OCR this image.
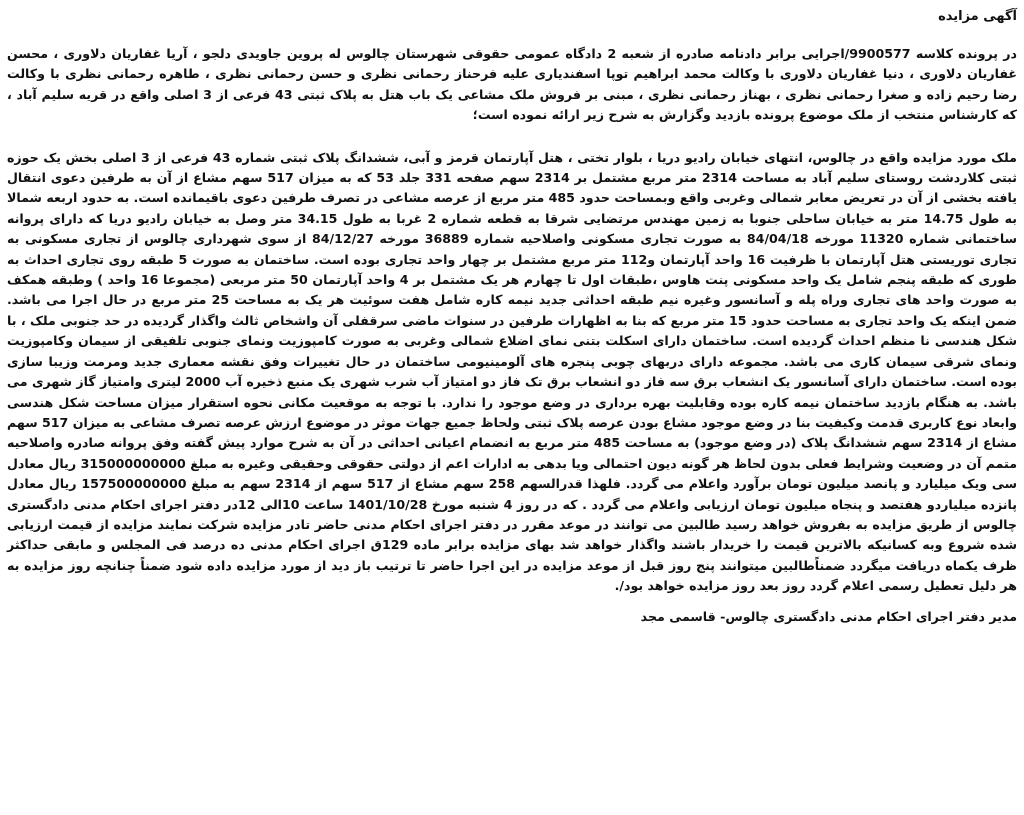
آگهی مزایده

در پرونده کلاسه 9900577/اجرایی برابر دادنامه صادره از شعبه 2 دادگاه عمومی حقوقی شهرستان چالوس له پروین جاویدی دلجو ، آریا غفاریان دلاوری ، محسن غفاریان دلاوری ، دنیا غفاریان دلاوری با وکالت محمد ابراهیم توپا اسفندیاری علیه فرحناز رحمانی نظری و حسن رحمانی نظری ، طاهره رحمانی نظری با وکالت رضا رحیم زاده و صغرا رحمانی نظری ، بهناز رحمانی نظری ، مبنی بر فروش ملک مشاعی یک باب هتل به پلاک ثبتی 43 فرعی از 3 اصلی واقع در قریه سلیم آباد ، که کارشناس منتخب از ملک موضوع پرونده بازدید وگزارش به شرح زیر ارائه نموده است؛

ملک مورد مزایده واقع در چالوس، انتهای خیابان رادیو دریا ، بلوار تختی ، هتل آپارتمان قرمز و آبی، ششدانگ پلاک ثبتی شماره 43 فرعی از 3 اصلی بخش یک حوزه ثبتی کلاردشت روستای سلیم آباد به مساحت 2314 متر مربع مشتمل بر 2314 سهم صفحه 331 جلد 53 که به میزان 517 سهم مشاع از آن به طرفین دعوی انتقال یافته بخشی از آن در تعریض معابر شمالی وغربی واقع وبمساحت حدود 485 متر مربع از عرصه مشاعی در تصرف طرفین دعوی باقیمانده است. به حدود اربعه شمالا به طول 14.75 متر به خیابان ساحلی جنوبا به زمین مهندس مرتضایی شرقا به قطعه شماره 2 غربا به طول 34.15 متر وصل به خیابان رادیو دریا که دارای پروانه ساختمانی شماره 11320 مورخه 84/04/18 به صورت تجاری مسکونی واصلاحیه شماره 36889 مورخه 84/12/27 از سوی شهرداری چالوس از تجاری مسکونی به تجاری توریستی هتل آپارتمان با ظرفیت 16 واحد آپارتمان و112 متر مربع مشتمل بر چهار واحد تجاری بوده است. ساختمان به صورت 5 طبقه روی تجاری احداث به طوری که طبقه پنجم شامل یک واحد مسکونی پنت هاوس ،طبقات اول تا چهارم هر یک مشتمل بر 4 واحد آپارتمان 50 متر مربعی (مجموعا 16 واحد ) وطبقه همکف به صورت واحد های تجاری وراه پله و آسانسور وغیره نیم طبقه احداثی جدید نیمه کاره شامل هفت سوئیت هر یک به مساحت 25 متر مربع در حال اجرا می باشد. ضمن اینکه یک واحد تجاری به مساحت حدود 15 متر مربع که بنا به اظهارات طرفین در سنوات ماضی سرقفلی آن واشخاص ثالث واگذار گردیده در حد جنوبی ملک ، با شکل هندسی نا منظم احداث گردیده است. ساختمان دارای اسکلت بتنی نمای اضلاع شمالی وغربی به صورت کامپوزیت ونمای جنوبی تلفیقی از سیمان وکامپوزیت ونمای شرقی سیمان کاری می باشد. مجموعه دارای دربهای چوبی پنجره های آلومینیومی ساختمان در حال تغییرات وفق نقشه معماری جدید ومرمت وزیبا سازی بوده است. ساختمان دارای آسانسور یک انشعاب برق سه فاز دو انشعاب برق تک فاز دو امتیاز آب شرب شهری یک منبع ذخیره آب 2000 لیتری وامتیاز گاز شهری می باشد. به هنگام بازدید ساختمان نیمه کاره بوده وقابلیت بهره برداری در وضع موجود را ندارد. با توجه به موقعیت مکانی نحوه استقرار میزان مساحت شکل هندسی وابعاد نوع کاربری قدمت وکیفیت بنا در وضع موجود مشاع بودن عرصه پلاک ثبتی ولحاظ جمیع جهات موثر در موضوع ارزش عرصه تصرف مشاعی به میزان 517 سهم مشاع از 2314 سهم ششدانگ پلاک (در وضع موجود) به مساحت 485 متر مربع به انضمام اعیانی احداثی در آن به شرح موارد پیش گفته وفق پروانه صادره واصلاحیه متمم آن در وضعیت وشرایط فعلی بدون لحاظ هر گونه دیون احتمالی ویا بدهی به ادارات اعم از دولتی حقوقی وحقیقی وغیره به مبلغ 315000000000 ریال معادل سی ویک میلیارد و پانصد میلیون تومان برآورد واعلام می گردد. فلهذا قدرالسهم 258 سهم مشاع از 517 سهم از 2314 سهم به مبلغ 157500000000 ریال معادل پانزده میلیاردو هفتصد و پنجاه میلیون تومان ارزیابی واعلام می گردد . که در روز 4 شنبه مورخ 1401/10/28 ساعت 10الی 12در دفتر اجرای احکام مدنی دادگستری چالوس از طریق مزایده به بفروش خواهد رسید طالبین می توانند در موعد مقرر در دفتر اجرای احکام مدنی حاضر تادر مزایده شرکت نمایند مزایده از قیمت ارزیابی شده شروع وبه کسانیکه بالاترین قیمت را خریدار باشند واگذار خواهد شد بهای مزایده برابر ماده 129ق اجرای احکام مدنی ده درصد فی المجلس و مابقی حداکثر ظرف یکماه دریافت میگردد ضمناًطالبین میتوانند پنج روز قبل از موعد مزایده در این اجرا حاضر تا ترتیب باز دید از مورد مزایده داده شود ضمناً چنانچه روز مزایده به هر دلیل تعطیل رسمی اعلام گردد روز بعد روز مزایده خواهد بود/.

مدیر دفتر اجرای احکام مدنی دادگستری چالوس- قاسمی مجد
